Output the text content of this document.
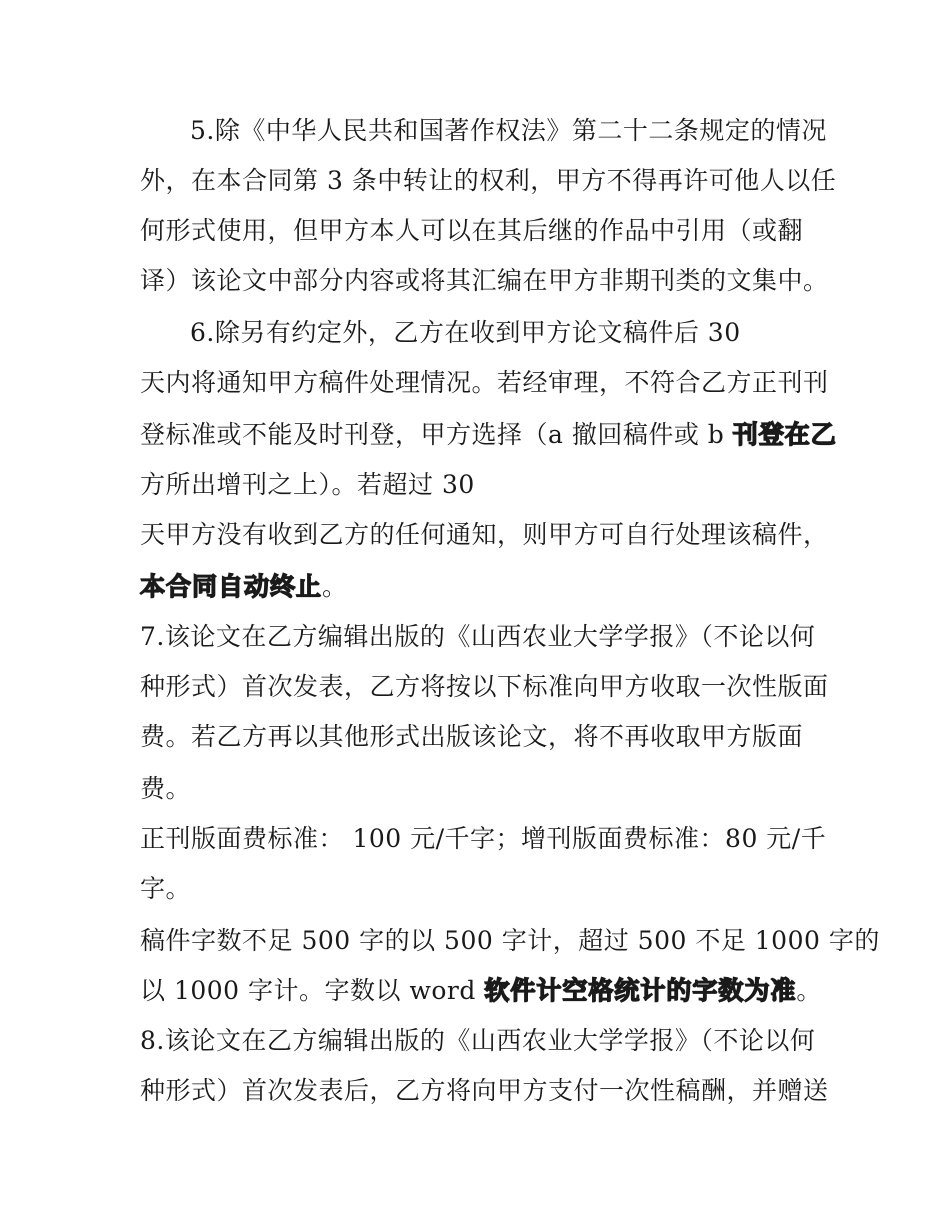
5.除《中华人民共和国著作权法》第二十二条规定的情况
外，在本合同第 3 条中转让的权利，甲方不得再许可他人以任
何形式使用，但甲方本人可以在其后继的作品中引用（或翻
译）该论文中部分内容或将其汇编在甲方非期刊类的文集中。
6.除另有约定外，乙方在收到甲方论文稿件后 30
天内将通知甲方稿件处理情况。若经审理，不符合乙方正刊刊
登标准或不能及时刊登，甲方选择（a 撤回稿件或 b 刊登在乙
方所出增刊之上）。若超过 30
天甲方没有收到乙方的任何通知，则甲方可自行处理该稿件，
本合同自动终止。
7.该论文在乙方编辑出版的《山西农业大学学报》（不论以何
种形式）首次发表，乙方将按以下标准向甲方收取一次性版面
费。若乙方再以其他形式出版该论文，将不再收取甲方版面
费。
正刊版面费标准： 100 元/千字；增刊版面费标准：80 元/千
字。
稿件字数不足 500 字的以 500 字计，超过 500 不足 1000 字的
以 1000 字计。字数以 word 软件计空格统计的字数为准。
8.该论文在乙方编辑出版的《山西农业大学学报》（不论以何
种形式）首次发表后，乙方将向甲方支付一次性稿酬，并赠送
